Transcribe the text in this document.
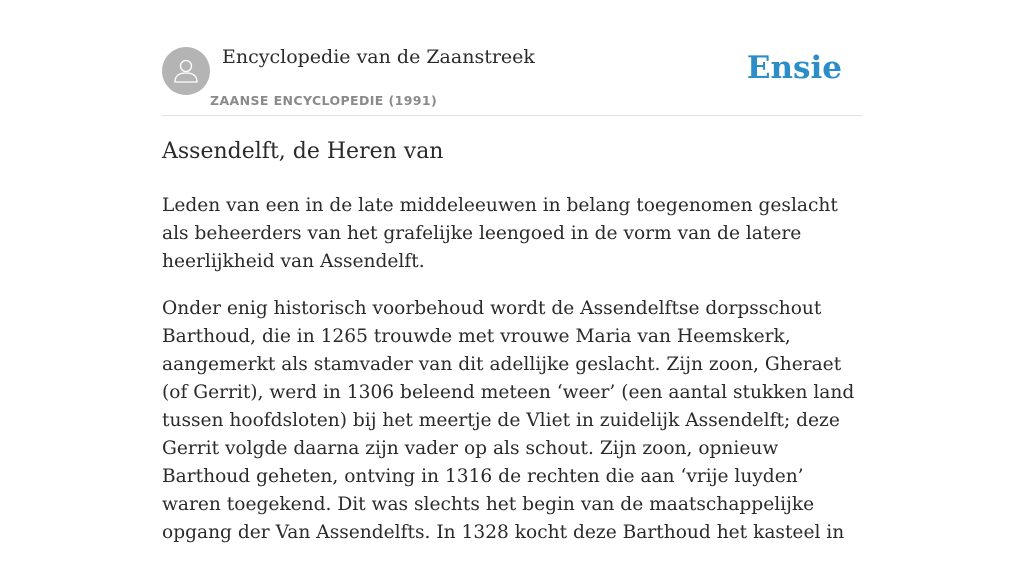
Encyclopedie van de Zaanstreek
ZAANSE ENCYCLOPEDIE (1991)
Ensie
Assendelft, de Heren van

Leden van een in de late middeleeuwen in belang toegenomen geslacht als beheerders van het grafelijke leengoed in de vorm van de latere heerlijkheid van Assendelft.

Onder enig historisch voorbehoud wordt de Assendelftse dorpsschout Barthoud, die in 1265 trouwde met vrouwe Maria van Heemskerk, aangemerkt als stamvader van dit adellijke geslacht. Zijn zoon, Gheraet (of Gerrit), werd in 1306 beleend meteen ‘weer’ (een aantal stukken land tussen hoofdsloten) bij het meertje de Vliet in zuidelijk Assendelft; deze Gerrit volgde daarna zijn vader op als schout. Zijn zoon, opnieuw Barthoud geheten, ontving in 1316 de rechten die aan ‘vrije luyden’ waren toegekend. Dit was slechts het begin van de maatschappelijke opgang der Van Assendelfts. In 1328 kocht deze Barthoud het kasteel in
